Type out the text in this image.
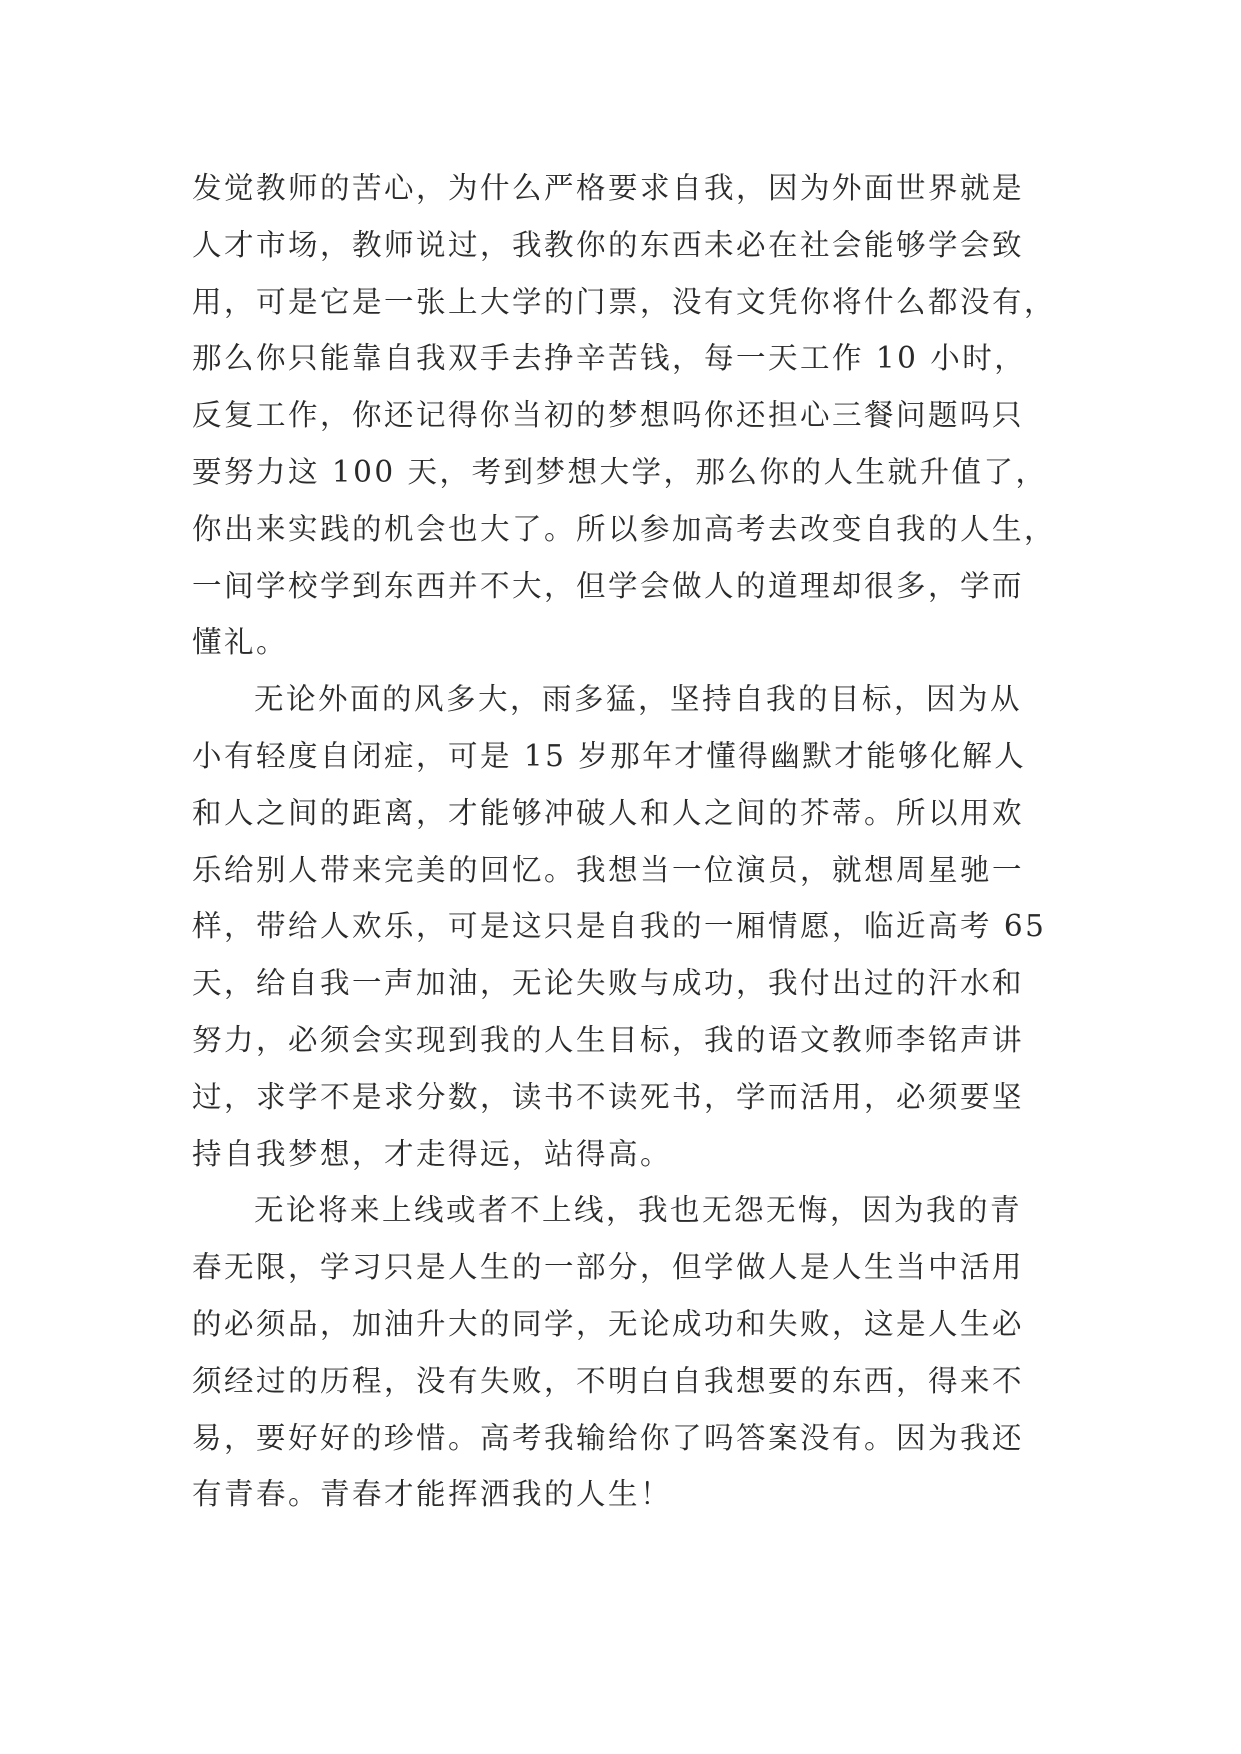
发觉教师的苦心，为什么严格要求自我，因为外面世界就是
人才市场，教师说过，我教你的东西未必在社会能够学会致
用，可是它是一张上大学的门票，没有文凭你将什么都没有，
那么你只能靠自我双手去挣辛苦钱，每一天工作 10 小时，
反复工作，你还记得你当初的梦想吗你还担心三餐问题吗只
要努力这 100 天，考到梦想大学，那么你的人生就升值了，
你出来实践的机会也大了。所以参加高考去改变自我的人生，
一间学校学到东西并不大，但学会做人的道理却很多，学而
懂礼。
无论外面的风多大，雨多猛，坚持自我的目标，因为从
小有轻度自闭症，可是 15 岁那年才懂得幽默才能够化解人
和人之间的距离，才能够冲破人和人之间的芥蒂。所以用欢
乐给别人带来完美的回忆。我想当一位演员，就想周星驰一
样，带给人欢乐，可是这只是自我的一厢情愿，临近高考 65
天，给自我一声加油，无论失败与成功，我付出过的汗水和
努力，必须会实现到我的人生目标，我的语文教师李铭声讲
过，求学不是求分数，读书不读死书，学而活用，必须要坚
持自我梦想，才走得远，站得高。
无论将来上线或者不上线，我也无怨无悔，因为我的青
春无限，学习只是人生的一部分，但学做人是人生当中活用
的必须品，加油升大的同学，无论成功和失败，这是人生必
须经过的历程，没有失败，不明白自我想要的东西，得来不
易，要好好的珍惜。高考我输给你了吗答案没有。因为我还
有青春。青春才能挥洒我的人生！
